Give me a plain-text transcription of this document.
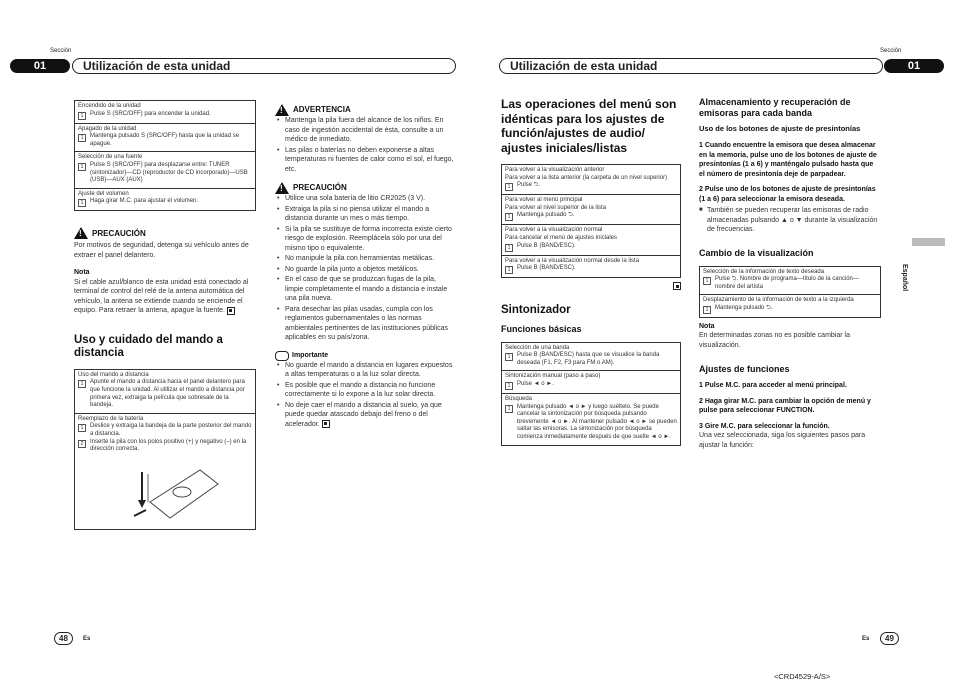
Sección
01	Utilización de esta unidad
Sección
Utilización de esta unidad	01
Encendido de la unidad
1	Pulse S (SRC/OFF) para encender la unidad.
Apagado de la unidad
1	Mantenga pulsado S (SRC/OFF) hasta que la unidad se apague.
Selección de una fuente
1	Pulse S (SRC/OFF) para desplazarse entre: TUNER (sintonizador)—CD (reproductor de CD incorporado)—USB (USB)—AUX (AUX)
Ajuste del volumen
1	Haga girar M.C. para ajustar el volumen.
! PRECAUCIÓN
Por motivos de seguridad, detenga su vehículo antes de extraer el panel delantero.
Nota
Si el cable azul/blanco de esta unidad está conectado al terminal de control del relé de la antena automática del vehículo, la antena se extiende cuando se enciende el equipo. Para retraer la antena, apague la fuente.
Uso y cuidado del mando a distancia
Uso del mando a distancia
1	Apunte el mando a distancia hacia el panel delantero para que funcione la unidad. Al utilizar el mando a distancia por primera vez, extraiga la película que sobresale de la bandeja.
Reemplazo de la batería
1	Deslice y extraiga la bandeja de la parte posterior del mando a distancia.
2	Inserte la pila con los polos positivo (+) y negativo (–) en la dirección correcta.
! ADVERTENCIA
• Mantenga la pila fuera del alcance de los niños. En caso de ingestión accidental de ésta, consulte a un médico de inmediato.
• Las pilas o baterías no deben exponerse a altas temperaturas ni fuentes de calor como el sol, el fuego, etc.
! PRECAUCIÓN
• Utilice una sola batería de litio CR2025 (3 V).
• Extraiga la pila si no piensa utilizar el mando a distancia durante un mes o más tiempo.
• Si la pila se sustituye de forma incorrecta existe cierto riesgo de explosión. Reemplácela sólo por una del mismo tipo o equivalente.
• No manipule la pila con herramientas metálicas.
• No guarde la pila junto a objetos metálicos.
• En el caso de que se produzcan fugas de la pila, limpie completamente el mando a distancia e instale una pila nueva.
• Para desechar las pilas usadas, cumpla con los reglamentos gubernamentales o las normas ambientales pertinentes de las instituciones públicas aplicables en su país/zona.
Importante
• No guarde el mando a distancia en lugares expuestos a altas temperaturas o a la luz solar directa.
• Es posible que el mando a distancia no funcione correctamente si lo expone a la luz solar directa.
• No deje caer el mando a distancia al suelo, ya que puede quedar atascado debajo del freno o del acelerador.
Las operaciones del menú son idénticas para los ajustes de función/ajustes de audio/ ajustes iniciales/listas
Para volver a la visualización anterior
Para volver a la lista anterior (la carpeta de un nivel superior)
1	Pulse ⮌.
Para volver al menú principal
Para volver al nivel superior de la lista
1	Mantenga pulsado ⮌.
Para volver a la visualización normal
Para cancelar el menú de ajustes iniciales
1	Pulse B (BAND/ESC).
Para volver a la visualización normal desde la lista
1	Pulse B (BAND/ESC).
Sintonizador
Funciones básicas
Selección de una banda
1	Pulse B (BAND/ESC) hasta que se visualice la banda deseada (F1, F2, F3 para FM o AM).
Sintonización manual (paso a paso)
1	Pulse ◄ o ►.
Búsqueda
1	Mantenga pulsado ◄ o ► y luego suéltelo. Se puede cancelar la sintonización por búsqueda pulsando brevemente ◄ o ►. Al mantener pulsado ◄ o ► se pueden saltar las emisoras. La sintonización por búsqueda comienza inmediatamente después de que suelte ◄ o ►.
Almacenamiento y recuperación de emisoras para cada banda
Uso de los botones de ajuste de presintonías
1 Cuando encuentre la emisora que desea almacenar en la memoria, pulse uno de los botones de ajuste de presintonías (1 a 6) y manténgalo pulsado hasta que el número de presintonía deje de parpadear.
2 Pulse uno de los botones de ajuste de presintonías (1 a 6) para seleccionar la emisora deseada.
■ También se pueden recuperar las emisoras de radio almacenadas pulsando ▲ o ▼ durante la visualización de frecuencias.
Cambio de la visualización
Selección de la información de texto deseada
1	Pulse ⮌. Nombre de programa—título de la canción—nombre del artista
Desplazamiento de la información de texto a la izquierda
1	Mantenga pulsado ⮌.
Nota
En determinadas zonas no es posible cambiar la visualización.
Ajustes de funciones
1 Pulse M.C. para acceder al menú principal.
2 Haga girar M.C. para cambiar la opción de menú y pulse para seleccionar FUNCTION.
3 Gire M.C. para seleccionar la función.
Una vez seleccionada, siga los siguientes pasos para ajustar la función:
Español
48	Es	Es	49
<CRD4529-A/S>
